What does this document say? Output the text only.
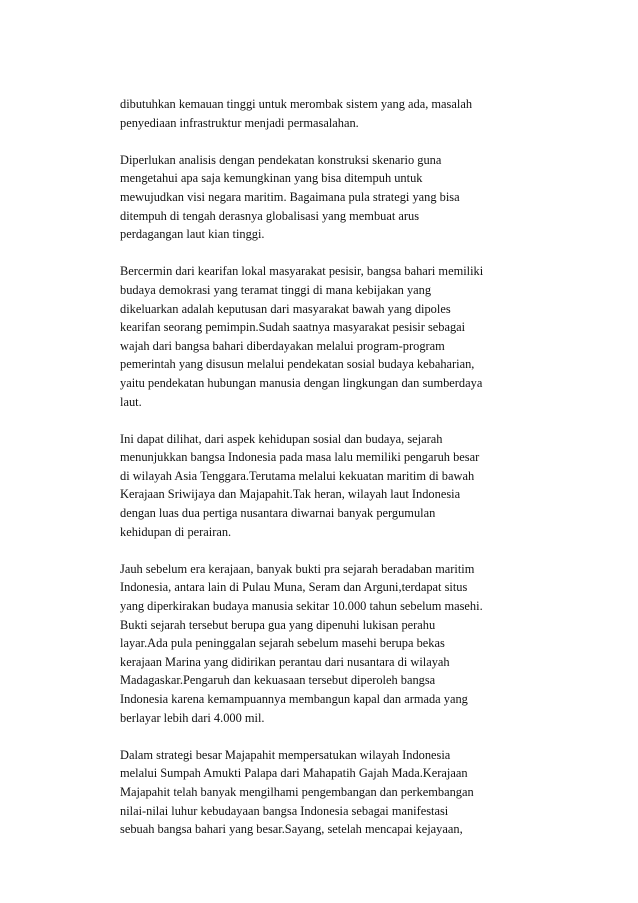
dibutuhkan kemauan tinggi untuk merombak sistem yang ada, masalah
penyediaan infrastruktur menjadi permasalahan.
Diperlukan analisis dengan pendekatan konstruksi skenario guna
mengetahui apa saja kemungkinan yang bisa ditempuh untuk
mewujudkan visi negara maritim. Bagaimana pula strategi yang bisa
ditempuh di tengah derasnya globalisasi yang membuat arus
perdagangan laut kian tinggi.
Bercermin dari kearifan lokal masyarakat pesisir, bangsa bahari memiliki
budaya demokrasi yang teramat tinggi di mana kebijakan yang
dikeluarkan adalah keputusan dari masyarakat bawah yang dipoles
kearifan seorang pemimpin.Sudah saatnya masyarakat pesisir sebagai
wajah dari bangsa bahari diberdayakan melalui program-program
pemerintah yang disusun melalui pendekatan sosial budaya kebaharian,
yaitu pendekatan hubungan manusia dengan lingkungan dan sumberdaya
laut.
Ini dapat dilihat, dari aspek kehidupan sosial dan budaya, sejarah
menunjukkan bangsa Indonesia pada masa lalu memiliki pengaruh besar
di wilayah Asia Tenggara.Terutama melalui kekuatan maritim di bawah
Kerajaan Sriwijaya dan Majapahit.Tak heran, wilayah laut Indonesia
dengan luas dua pertiga nusantara diwarnai banyak pergumulan
kehidupan di perairan.
Jauh sebelum era kerajaan, banyak bukti pra sejarah beradaban maritim
Indonesia, antara lain di Pulau Muna, Seram dan Arguni,terdapat situs
yang diperkirakan budaya manusia sekitar 10.000 tahun sebelum masehi.
Bukti sejarah tersebut berupa gua yang dipenuhi lukisan perahu
layar.Ada pula peninggalan sejarah sebelum masehi berupa bekas
kerajaan Marina yang didirikan perantau dari nusantara di wilayah
Madagaskar.Pengaruh dan kekuasaan tersebut diperoleh bangsa
Indonesia karena kemampuannya membangun kapal dan armada yang
berlayar lebih dari 4.000 mil.
Dalam strategi besar Majapahit mempersatukan wilayah Indonesia
melalui Sumpah Amukti Palapa dari Mahapatih Gajah Mada.Kerajaan
Majapahit telah banyak mengilhami pengembangan dan perkembangan
nilai-nilai luhur kebudayaan bangsa Indonesia sebagai manifestasi
sebuah bangsa bahari yang besar.Sayang, setelah mencapai kejayaan,
